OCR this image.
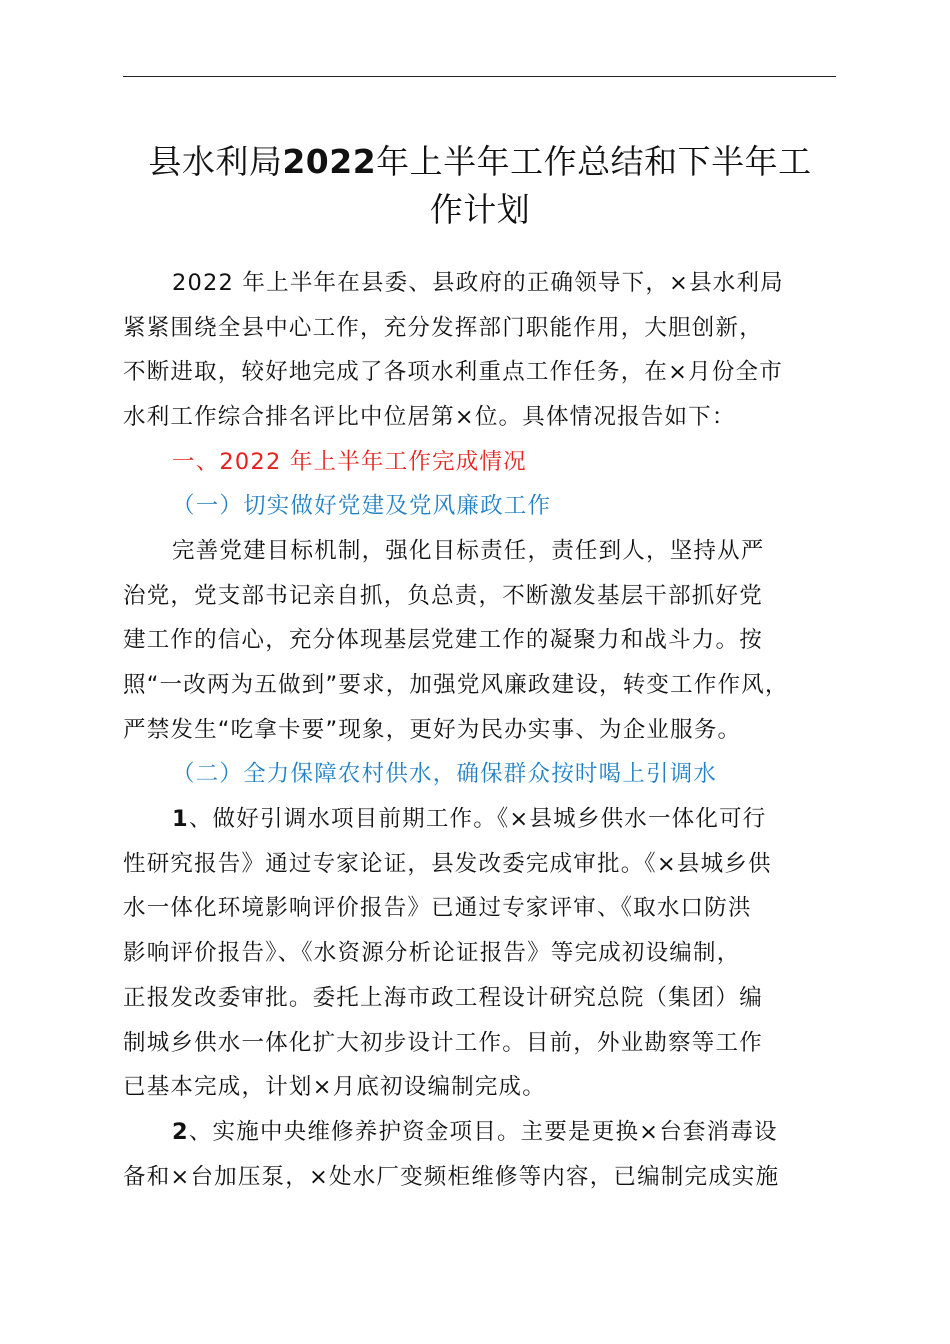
县水利局2022年上半年工作总结和下半年工
作计划
2022 年上半年在县委、县政府的正确领导下，×县水利局
紧紧围绕全县中心工作，充分发挥部门职能作用，大胆创新，
不断进取，较好地完成了各项水利重点工作任务，在×月份全市
水利工作综合排名评比中位居第×位。具体情况报告如下：
一、2022 年上半年工作完成情况
（一）切实做好党建及党风廉政工作
完善党建目标机制，强化目标责任，责任到人，坚持从严
治党，党支部书记亲自抓，负总责，不断激发基层干部抓好党
建工作的信心，充分体现基层党建工作的凝聚力和战斗力。按
照“一改两为五做到”要求，加强党风廉政建设，转变工作作风，
严禁发生“吃拿卡要”现象，更好为民办实事、为企业服务。
（二）全力保障农村供水，确保群众按时喝上引调水
1、做好引调水项目前期工作。《×县城乡供水一体化可行
性研究报告》通过专家论证，县发改委完成审批。《×县城乡供
水一体化环境影响评价报告》已通过专家评审、《取水口防洪
影响评价报告》、《水资源分析论证报告》等完成初设编制，
正报发改委审批。委托上海市政工程设计研究总院（集团）编
制城乡供水一体化扩大初步设计工作。目前，外业勘察等工作
已基本完成，计划×月底初设编制完成。
2、实施中央维修养护资金项目。主要是更换×台套消毒设
备和×台加压泵，×处水厂变频柜维修等内容，已编制完成实施
